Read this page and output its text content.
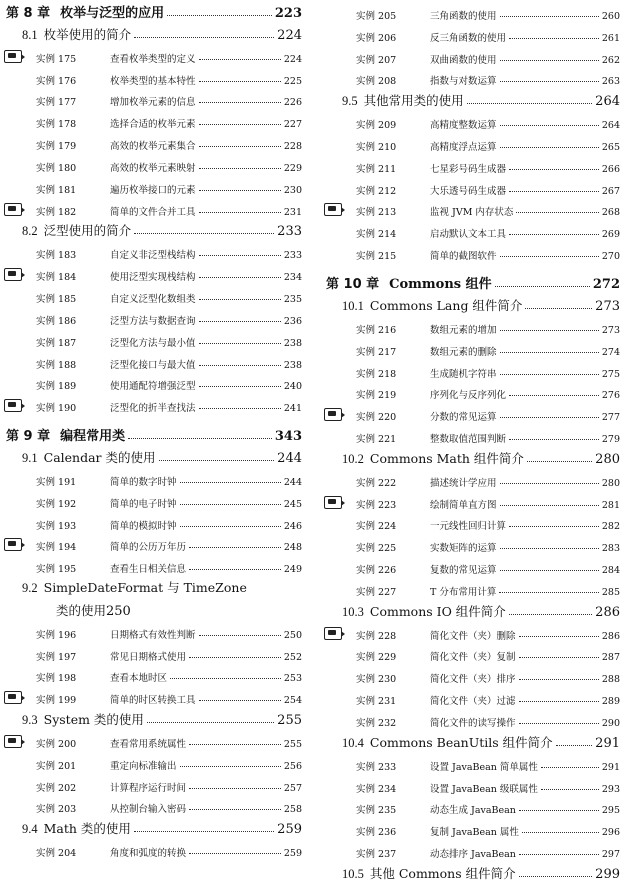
第 8 章 枚举与泛型的应用	223
8.1 枚举使用的简介	224
实例 175	查看枚举类型的定义	224
实例 176	枚举类型的基本特性	225
实例 177	增加枚举元素的信息	226
实例 178	选择合适的枚举元素	227
实例 179	高效的枚举元素集合	228
实例 180	高效的枚举元素映射	229
实例 181	遍历枚举接口的元素	230
实例 182	简单的文件合并工具	231
8.2 泛型使用的简介	233
实例 183	自定义非泛型栈结构	233
实例 184	使用泛型实现栈结构	234
实例 185	自定义泛型化数组类	235
实例 186	泛型方法与数据查询	236
实例 187	泛型化方法与最小值	238
实例 188	泛型化接口与最大值	238
实例 189	使用通配符增强泛型	240
实例 190	泛型化的折半查找法	241
第 9 章 编程常用类	343
9.1 Calendar 类的使用	244
实例 191	简单的数字时钟	244
实例 192	简单的电子时钟	245
实例 193	简单的模拟时钟	246
实例 194	简单的公历万年历	248
实例 195	查看生日相关信息	249
9.2 SimpleDateFormat 与 TimeZone
类的使用 250
实例 196	日期格式有效性判断	250
实例 197	常见日期格式使用	252
实例 198	查看本地时区	253
实例 199	简单的时区转换工具	254
9.3 System 类的使用	255
实例 200	查看常用系统属性	255
实例 201	重定向标准输出	256
实例 202	计算程序运行时间	257
实例 203	从控制台输入密码	258
9.4 Math 类的使用	259
实例 204	角度和弧度的转换	259
实例 205	三角函数的使用	260
实例 206	反三角函数的使用	261
实例 207	双曲函数的使用	262
实例 208	指数与对数运算	263
9.5 其他常用类的使用	264
实例 209	高精度整数运算	264
实例 210	高精度浮点运算	265
实例 211	七星彩号码生成器	266
实例 212	大乐透号码生成器	267
实例 213	监视 JVM 内存状态	268
实例 214	启动默认文本工具	269
实例 215	简单的截图软件	270
第 10 章 Commons 组件	272
10.1 Commons Lang 组件简介	273
实例 216	数组元素的增加	273
实例 217	数组元素的删除	274
实例 218	生成随机字符串	275
实例 219	序列化与反序列化	276
实例 220	分数的常见运算	277
实例 221	整数取值范围判断	279
10.2 Commons Math 组件简介	280
实例 222	描述统计学应用	280
实例 223	绘制简单直方图	281
实例 224	一元线性回归计算	282
实例 225	实数矩阵的运算	283
实例 226	复数的常见运算	284
实例 227	T 分布常用计算	285
10.3 Commons IO 组件简介	286
实例 228	简化文件（夹）删除	286
实例 229	简化文件（夹）复制	287
实例 230	简化文件（夹）排序	288
实例 231	简化文件（夹）过滤	289
实例 232	简化文件的读写操作	290
10.4 Commons BeanUtils 组件简介	291
实例 233	设置 JavaBean 简单属性	291
实例 234	设置 JavaBean 级联属性	293
实例 235	动态生成 JavaBean	295
实例 236	复制 JavaBean 属性	296
实例 237	动态排序 JavaBean	297
10.5 其他 Commons 组件简介	299
